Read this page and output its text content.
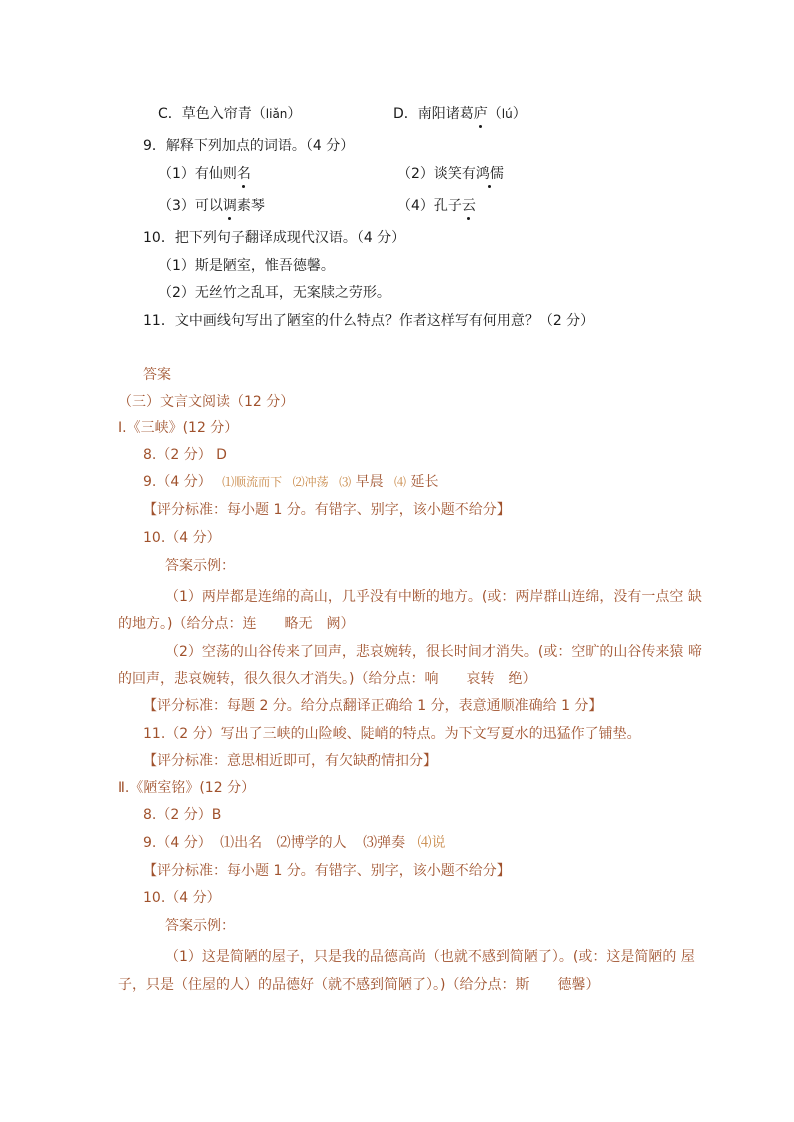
C．草色入帘青（liǎn）	D．南阳诸葛庐（lú）
9．解释下列加点的词语。（4 分）
（1）有仙则名	（2）谈笑有鸿儒
（3）可以调素琴	（4）孔子云
10．把下列句子翻译成现代汉语。（4 分）
（1）斯是陋室，惟吾德馨。
（2）无丝竹之乱耳，无案牍之劳形。
11．文中画线句写出了陋室的什么特点？作者这样写有何用意？（2 分）
答案
（三）文言文阅读（12 分）
Ⅰ.《三峡》(12 分）
8.（2 分） D
9.（4 分） ⑴顺流而下 ⑵冲荡 ⑶ 早晨 ⑷ 延长
【评分标准：每小题 1 分。有错字、别字，该小题不给分】
10.（4 分）
答案示例：
（1）两岸都是连绵的高山，几乎没有中断的地方。(或：两岸群山连绵，没有一点空 缺
的地方。)（给分点：连　　略无　阙）
（2）空荡的山谷传来了回声，悲哀婉转，很长时间才消失。(或：空旷的山谷传来猿 啼
的回声，悲哀婉转，很久很久才消失。)（给分点：响　　哀转　绝）
【评分标准：每题 2 分。给分点翻译正确给 1 分，表意通顺准确给 1 分】
11.（2 分）写出了三峡的山险峻、陡峭的特点。为下文写夏水的迅猛作了铺垫。
【评分标准：意思相近即可，有欠缺酌情扣分】
Ⅱ.《陋室铭》(12 分）
8.（2 分）B
9.（4 分） ⑴出名 ⑵博学的人 ⑶弹奏 ⑷说
【评分标准：每小题 1 分。有错字、别字，该小题不给分】
10.（4 分）
答案示例：
（1）这是简陋的屋子，只是我的品德高尚（也就不感到简陋了）。(或：这是简陋的 屋
子，只是（住屋的人）的品德好（就不感到简陋了）。)（给分点：斯　　德馨）
